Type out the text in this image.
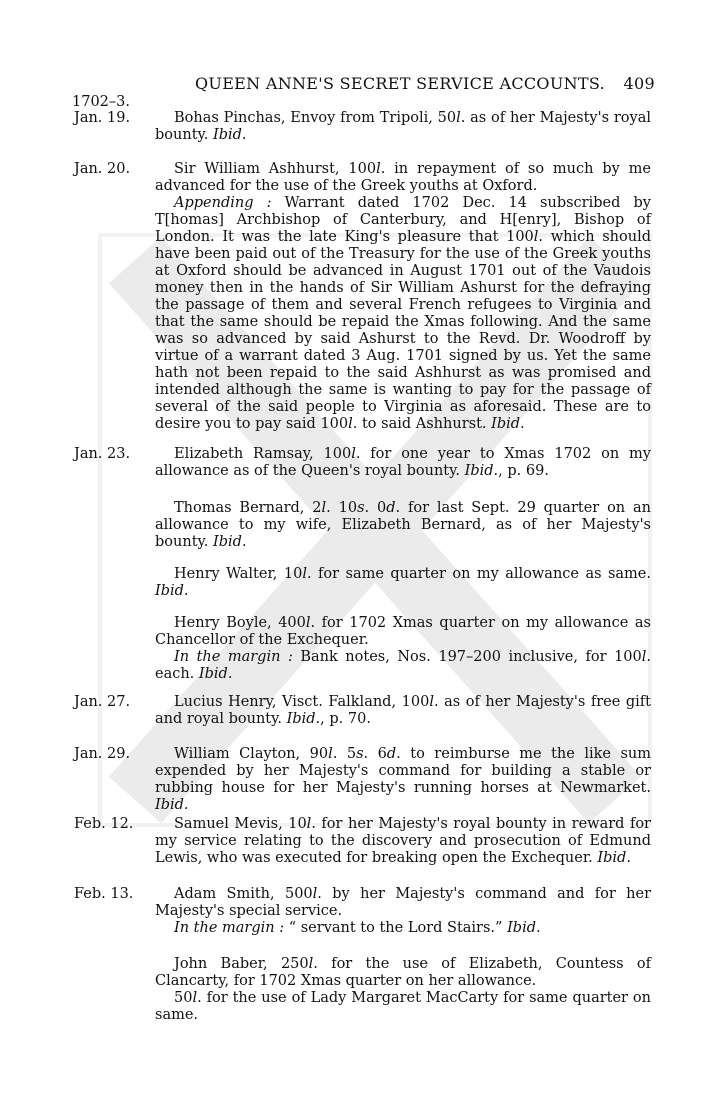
QUEEN ANNE'S SECRET SERVICE ACCOUNTS. 409
1702–3.
Jan. 19.	Bohas Pinchas, Envoy from Tripoli, 50l. as of her Majesty's royal bounty. Ibid.

Jan. 20.	Sir William Ashhurst, 100l. in repayment of so much by me advanced for the use of the Greek youths at Oxford.

Appending : Warrant dated 1702 Dec. 14 subscribed by T[homas] Archbishop of Canterbury, and H[enry], Bishop of London. It was the late King's pleasure that 100l. which should have been paid out of the Treasury for the use of the Greek youths at Oxford should be advanced in August 1701 out of the Vaudois money then in the hands of Sir William Ashurst for the defraying the passage of them and several French refugees to Virginia and that the same should be repaid the Xmas following. And the same was so advanced by said Ashurst to the Revd. Dr. Woodroff by virtue of a warrant dated 3 Aug. 1701 signed by us. Yet the same hath not been repaid to the said Ashhurst as was promised and intended although the same is wanting to pay for the passage of several of the said people to Virginia as aforesaid. These are to desire you to pay said 100l. to said Ashhurst. Ibid.

Jan. 23.	Elizabeth Ramsay, 100l. for one year to Xmas 1702 on my allowance as of the Queen's royal bounty. Ibid., p. 69.

Thomas Bernard, 2l. 10s. 0d. for last Sept. 29 quarter on an allowance to my wife, Elizabeth Bernard, as of her Majesty's bounty. Ibid.

Henry Walter, 10l. for same quarter on my allowance as same. Ibid.

Henry Boyle, 400l. for 1702 Xmas quarter on my allowance as Chancellor of the Exchequer.

In the margin : Bank notes, Nos. 197–200 inclusive, for 100l. each. Ibid.

Jan. 27.	Lucius Henry, Visct. Falkland, 100l. as of her Majesty's free gift and royal bounty. Ibid., p. 70.

Jan. 29.	William Clayton, 90l. 5s. 6d. to reimburse me the like sum expended by her Majesty's command for building a stable or rubbing house for her Majesty's running horses at Newmarket. Ibid.

Feb. 12.	Samuel Mevis, 10l. for her Majesty's royal bounty in reward for my service relating to the discovery and prosecution of Edmund Lewis, who was executed for breaking open the Exchequer. Ibid.

Feb. 13.	Adam Smith, 500l. by her Majesty's command and for her Majesty's special service.

In the margin : “ servant to the Lord Stairs.” Ibid.

John Baber, 250l. for the use of Elizabeth, Countess of Clancarty, for 1702 Xmas quarter on her allowance.

50l. for the use of Lady Margaret MacCarty for same quarter on same.
